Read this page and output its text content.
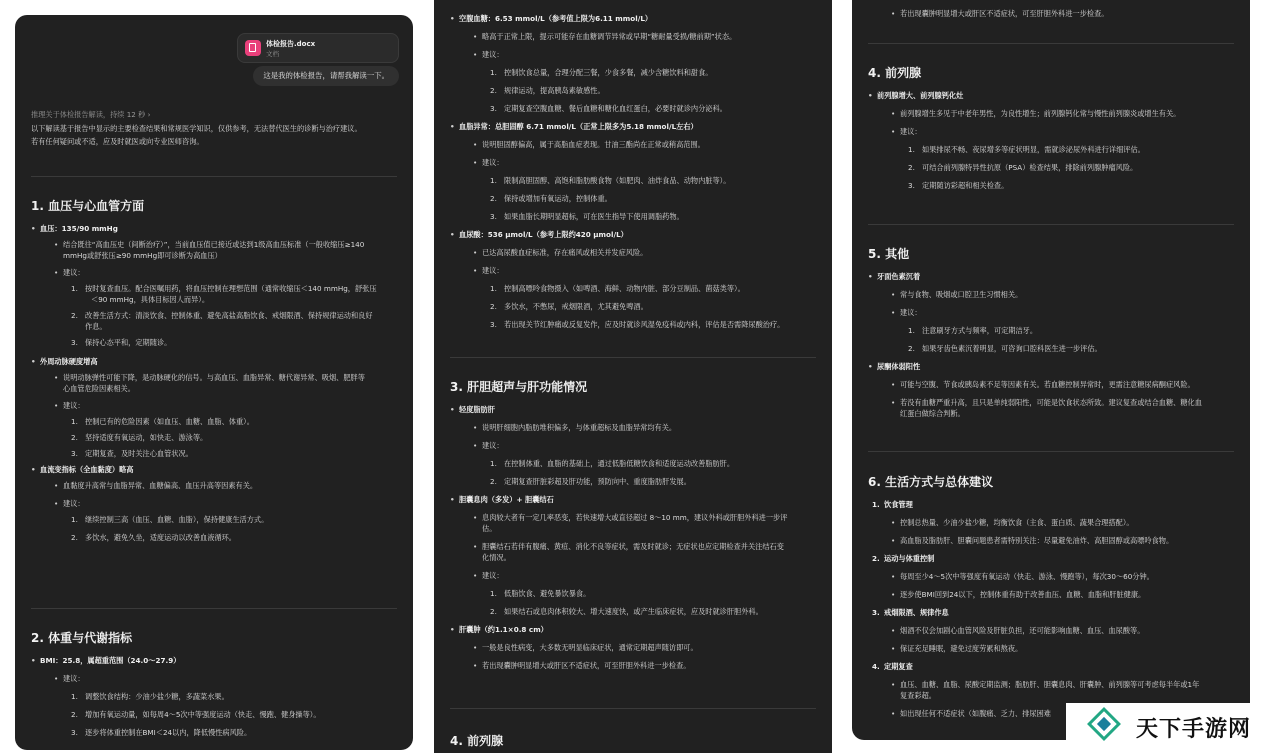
体检报告.docx
文档
这是我的体检报告，请帮我解读一下。
推理关于体检报告解读，持续 12 秒 ›
以下解读基于报告中显示的主要检查结果和常规医学知识，仅供参考，无法替代医生的诊断与治疗建议。
若有任何疑问或不适，应及时就医或向专业医师咨询。
1. 血压与心血管方面
血压：135/90 mmHg
• 结合既往“高血压史（间断治疗）”，当前血压值已接近或达到1级高血压标准（一般收缩压≥140
mmHg或舒张压≥90 mmHg即可诊断为高血压）
• 建议：
1. 按时复查血压。配合医嘱用药，将血压控制在理想范围（通常收缩压＜140 mmHg，舒张压
＜90 mmHg，具体目标因人而异）。
2. 改善生活方式：清淡饮食、控制体重、避免高盐高脂饮食、戒烟限酒、保持规律运动和良好
作息。
3. 保持心态平和，定期随诊。
外周动脉硬度增高
• 说明动脉弹性可能下降，是动脉硬化的信号。与高血压、血脂异常、糖代谢异常、吸烟、肥胖等
心血管危险因素相关。
• 建议：
1. 控制已有的危险因素（如血压、血糖、血脂、体重）。
2. 坚持适度有氧运动，如快走、游泳等。
3. 定期复查，及时关注心血管状况。
血流变指标（全血黏度）略高
• 血黏度升高常与血脂异常、血糖偏高、血压升高等因素有关。
• 建议：
1. 继续控制三高（血压、血糖、血脂），保持健康生活方式。
2. 多饮水，避免久坐，适度运动以改善血液循环。
2. 体重与代谢指标
BMI：25.8，属超重范围（24.0～27.9）
• 建议：
1. 调整饮食结构：少油少盐少糖，多蔬菜水果。
2. 增加有氧运动量，如每周4～5次中等强度运动（快走、慢跑、健身操等）。
3. 逐步将体重控制在BMI＜24以内，降低慢性病风险。
空腹血糖：6.53 mmol/L（参考值上限为6.11 mmol/L）
• 略高于正常上限，提示可能存在血糖调节异常或早期“糖耐量受损/糖前期”状态。
• 建议：
1. 控制饮食总量，合理分配三餐，少食多餐，减少含糖饮料和甜食。
2. 规律运动，提高胰岛素敏感性。
3. 定期复查空腹血糖、餐后血糖和糖化血红蛋白，必要时就诊内分泌科。
血脂异常：总胆固醇 6.71 mmol/L（正常上限多为5.18 mmol/L左右）
• 说明胆固醇偏高，属于高脂血症表现。甘油三酯尚在正常或稍高范围。
• 建议：
1. 限制高胆固醇、高饱和脂肪酸食物（如肥肉、油炸食品、动物内脏等）。
2. 保持或增加有氧运动，控制体重。
3. 如果血脂长期明显超标，可在医生指导下使用调脂药物。
血尿酸：536 μmol/L（参考上限约420 μmol/L）
• 已达高尿酸血症标准，存在痛风或相关并发症风险。
• 建议：
1. 控制高嘌呤食物摄入（如啤酒、海鲜、动物内脏、部分豆制品、菌菇类等）。
2. 多饮水，不憋尿，戒烟限酒，尤其避免啤酒。
3. 若出现关节红肿痛或反复发作，应及时就诊风湿免疫科或内科，评估是否需降尿酸治疗。
3. 肝胆超声与肝功能情况
轻度脂肪肝
• 说明肝细胞内脂肪堆积偏多，与体重超标及血脂异常均有关。
• 建议：
1. 在控制体重、血脂的基础上，通过低脂低糖饮食和适度运动改善脂肪肝。
2. 定期复查肝脏彩超及肝功能，预防向中、重度脂肪肝发展。
胆囊息肉（多发）+ 胆囊结石
• 息肉较大者有一定几率恶变，若快速增大或直径超过 8～10 mm，建议外科或肝胆外科进一步评
估。
• 胆囊结石若伴有腹痛、黄疸、消化不良等症状，需及时就诊；无症状也应定期检查并关注结石变
化情况。
• 建议：
1. 低脂饮食、避免暴饮暴食。
2. 如果结石或息肉体积较大、增大速度快，或产生临床症状，应及时就诊肝胆外科。
肝囊肿（约1.1×0.8 cm）
• 一般是良性病变，大多数无明显临床症状，通常定期超声随访即可。
• 若出现囊肿明显增大或肝区不适症状，可至肝胆外科进一步检查。
4. 前列腺
• 若出现囊肿明显增大或肝区不适症状，可至肝胆外科进一步检查。
4. 前列腺
前列腺增大、前列腺钙化灶
• 前列腺增生多见于中老年男性，为良性增生；前列腺钙化常与慢性前列腺炎或增生有关。
• 建议：
1. 如果排尿不畅、夜尿增多等症状明显，需就诊泌尿外科进行详细评估。
2. 可结合前列腺特异性抗原（PSA）检查结果，排除前列腺肿瘤风险。
3. 定期随访彩超和相关检查。
5. 其他
牙面色素沉着
• 常与食物、吸烟或口腔卫生习惯相关。
• 建议：
1. 注意刷牙方式与频率，可定期洁牙。
2. 如果牙齿色素沉着明显，可咨询口腔科医生进一步评估。
尿酮体弱阳性
• 可能与空腹、节食或胰岛素不足等因素有关。若血糖控制异常时，更需注意糖尿病酮症风险。
• 若没有血糖严重升高，且只是单纯弱阳性，可能是饮食状态所致。建议复查或结合血糖、糖化血
红蛋白做综合判断。
6. 生活方式与总体建议
1. 饮食管理
• 控制总热量、少油少盐少糖，均衡饮食（主食、蛋白质、蔬果合理搭配）。
• 高血脂及脂肪肝、胆囊问题患者需特别关注：尽量避免油炸、高胆固醇或高嘌呤食物。
2. 运动与体重控制
• 每周至少4～5次中等强度有氧运动（快走、游泳、慢跑等），每次30～60分钟。
• 逐步使BMI回到24以下，控制体重有助于改善血压、血糖、血脂和肝脏健康。
3. 戒烟限酒、规律作息
• 烟酒不仅会加剧心血管风险及肝脏负担，还可能影响血糖、血压、血尿酸等。
• 保证充足睡眠，避免过度劳累和熬夜。
4. 定期复查
• 血压、血糖、血脂、尿酸定期监测；脂肪肝、胆囊息肉、肝囊肿、前列腺等可考虑每半年或1年
复查彩超。
• 如出现任何不适症状（如腹痛、乏力、排尿困难
天下手游网
